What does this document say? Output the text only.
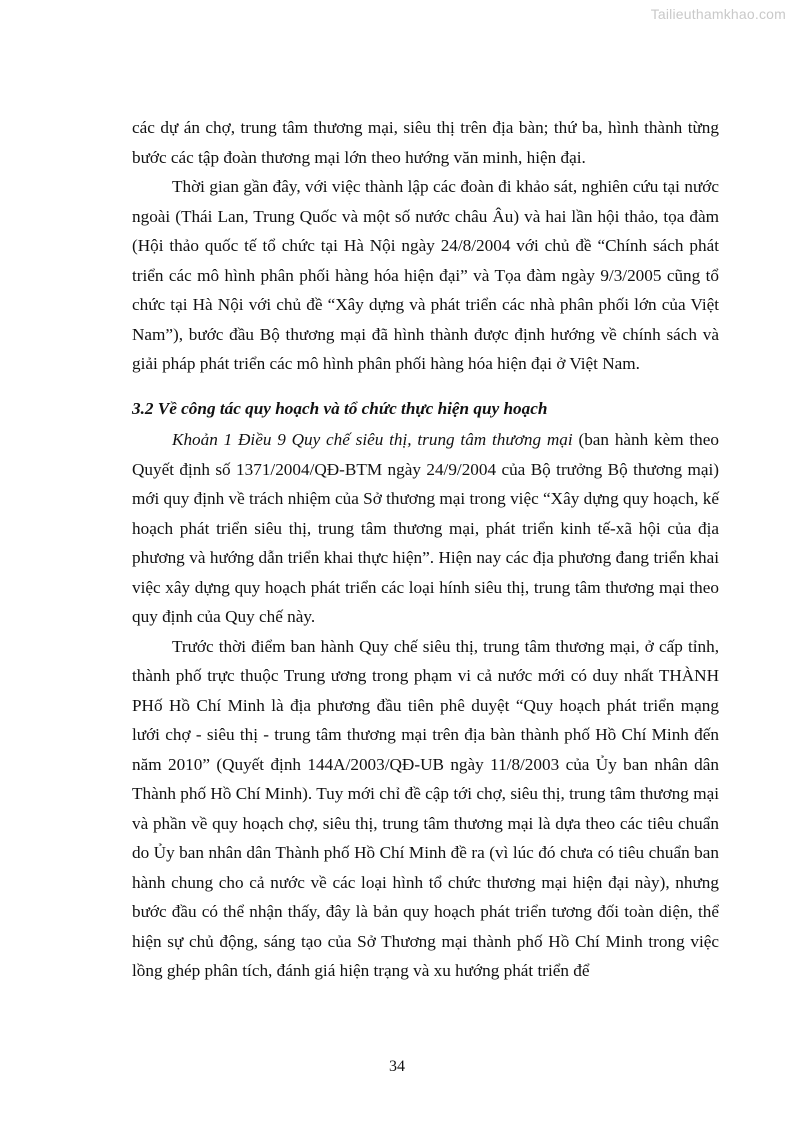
Tailieuthamkhao.com

các dự án chợ, trung tâm thương mại, siêu thị trên địa bàn; thứ ba, hình thành từng bước các tập đoàn thương mại lớn theo hướng văn minh, hiện đại.

Thời gian gần đây, với việc thành lập các đoàn đi khảo sát, nghiên cứu tại nước ngoài (Thái Lan, Trung Quốc và một số nước châu Âu) và hai lần hội thảo, tọa đàm (Hội thảo quốc tế tổ chức tại Hà Nội ngày 24/8/2004 với chủ đề “Chính sách phát triển các mô hình phân phối hàng hóa hiện đại” và Tọa đàm ngày 9/3/2005 cũng tổ chức tại Hà Nội với chủ đề “Xây dựng và phát triển các nhà phân phối lớn của Việt Nam”), bước đầu Bộ thương mại đã hình thành được định hướng về chính sách và giải pháp phát triển các mô hình phân phối hàng hóa hiện đại ở Việt Nam.

3.2 Về công tác quy hoạch và tổ chức thực hiện quy hoạch

Khoản 1 Điều 9 Quy chế siêu thị, trung tâm thương mại (ban hành kèm theo Quyết định số 1371/2004/QĐ-BTM ngày 24/9/2004 của Bộ trưởng Bộ thương mại) mới quy định về trách nhiệm của Sở thương mại trong việc “Xây dựng quy hoạch, kế hoạch phát triển siêu thị, trung tâm thương mại, phát triển kinh tế-xã hội của địa phương và hướng dẫn triển khai thực hiện”. Hiện nay các địa phương đang triển khai việc xây dựng quy hoạch phát triển các loại hính siêu thị, trung tâm thương mại theo quy định của Quy chế này.

Trước thời điểm ban hành Quy chế siêu thị, trung tâm thương mại, ở cấp tỉnh, thành phố trực thuộc Trung ương trong phạm vi cả nước mới có duy nhất THÀNH PHố Hồ Chí Minh là địa phương đầu tiên phê duyệt “Quy hoạch phát triển mạng lưới chợ - siêu thị - trung tâm thương mại trên địa bàn thành phố Hồ Chí Minh đến năm 2010” (Quyết định 144A/2003/QĐ-UB ngày 11/8/2003 của Ủy ban nhân dân Thành phố Hồ Chí Minh). Tuy mới chỉ đề cập tới chợ, siêu thị, trung tâm thương mại và phần về quy hoạch chợ, siêu thị, trung tâm thương mại là dựa theo các tiêu chuẩn do Ủy ban nhân dân Thành phố Hồ Chí Minh đề ra (vì lúc đó chưa có tiêu chuẩn ban hành chung cho cả nước về các loại hình tổ chức thương mại hiện đại này), nhưng bước đầu có thể nhận thấy, đây là bản quy hoạch phát triển tương đối toàn diện, thể hiện sự chủ động, sáng tạo của Sở Thương mại thành phố Hồ Chí Minh trong việc lồng ghép phân tích, đánh giá hiện trạng và xu hướng phát triển để

34
